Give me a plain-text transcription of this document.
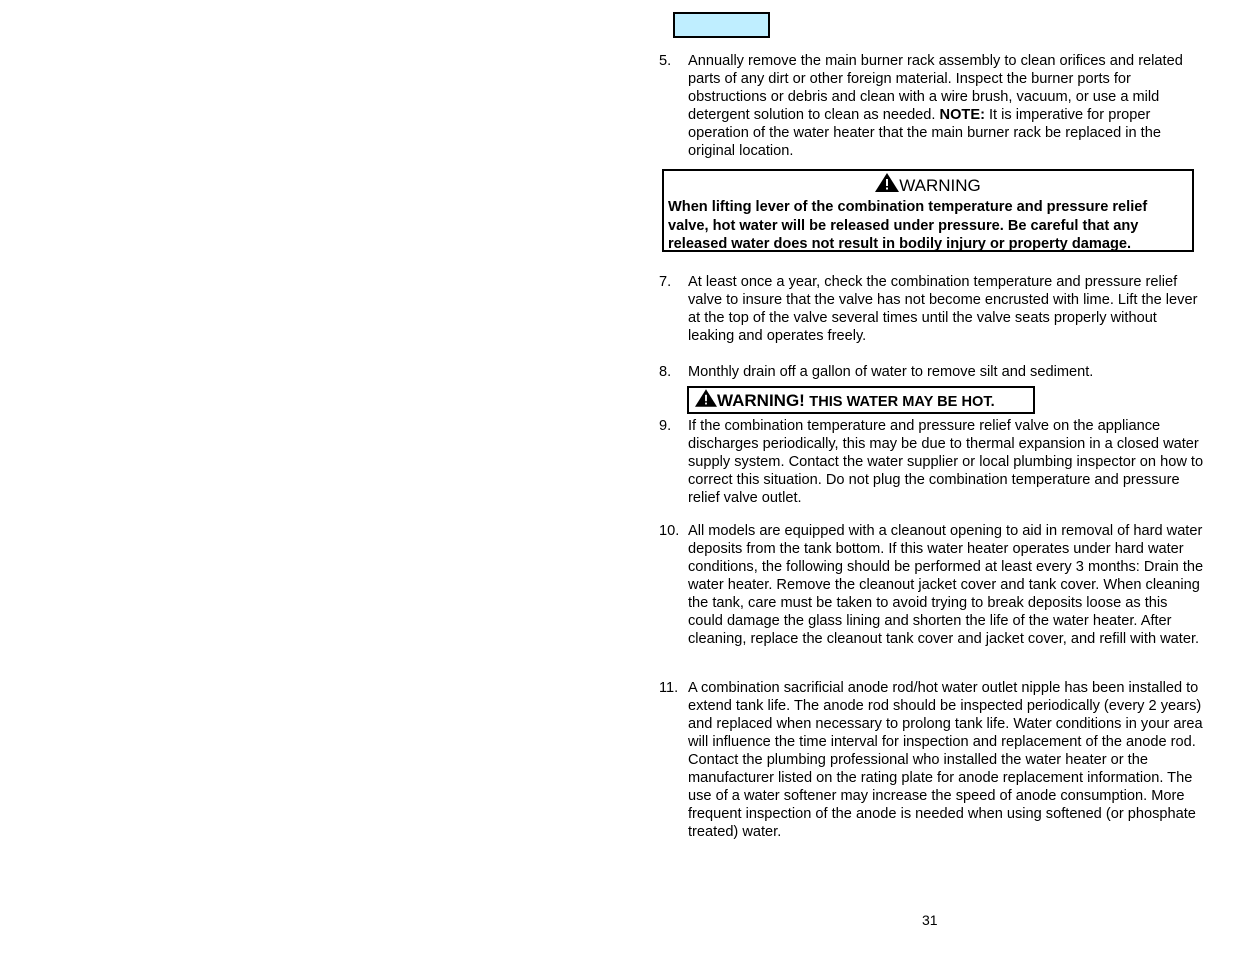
5. Annually remove the main burner rack assembly to clean orifices and related parts of any dirt or other foreign material. Inspect the burner ports for obstructions or debris and clean with a wire brush, vacuum, or use a mild detergent solution to clean as needed. NOTE: It is imperative for proper operation of the water heater that the main burner rack be replaced in the original location.
WARNING
When lifting lever of the combination temperature and pressure relief valve, hot water will be released under pressure. Be careful that any released water does not result in bodily injury or property damage.
7. At least once a year, check the combination temperature and pressure relief valve to insure that the valve has not become encrusted with lime. Lift the lever at the top of the valve several times until the valve seats properly without leaking and operates freely.
8. Monthly drain off a gallon of water to remove silt and sediment.
WARNING! THIS WATER MAY BE HOT.
9. If the combination temperature and pressure relief valve on the appliance discharges periodically, this may be due to thermal expansion in a closed water supply system. Contact the water supplier or local plumbing inspector on how to correct this situation. Do not plug the combination temperature and pressure relief valve outlet.
10. All models are equipped with a cleanout opening to aid in removal of hard water deposits from the tank bottom. If this water heater operates under hard water conditions, the following should be performed at least every 3 months: Drain the water heater. Remove the cleanout jacket cover and tank cover. When cleaning the tank, care must be taken to avoid trying to break deposits loose as this could damage the glass lining and shorten the life of the water heater. After cleaning, replace the cleanout tank cover and jacket cover, and refill with water.
11. A combination sacrificial anode rod/hot water outlet nipple has been installed to extend tank life. The anode rod should be inspected periodically (every 2 years) and replaced when necessary to prolong tank life. Water conditions in your area will influence the time interval for inspection and replacement of the anode rod. Contact the plumbing professional who installed the water heater or the manufacturer listed on the rating plate for anode replacement information. The use of a water softener may increase the speed of anode consumption. More frequent inspection of the anode is needed when using softened (or phosphate treated) water.
31
